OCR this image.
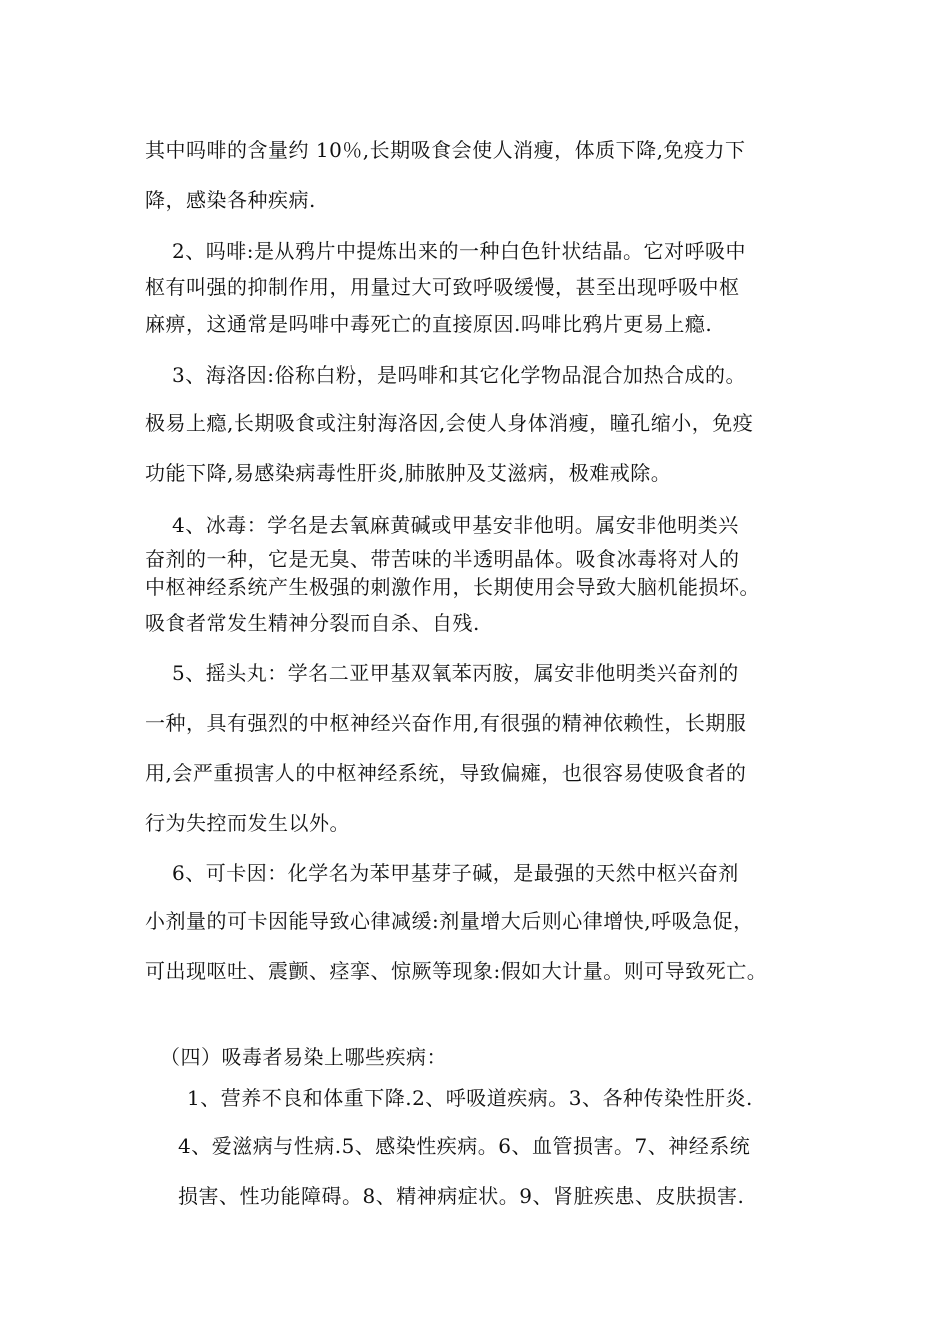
其中吗啡的含量约 10％,长期吸食会使人消瘦，体质下降,免疫力下
降，感染各种疾病.
2、吗啡:是从鸦片中提炼出来的一种白色针状结晶。它对呼吸中
枢有叫强的抑制作用，用量过大可致呼吸缓慢，甚至出现呼吸中枢
麻痹，这通常是吗啡中毒死亡的直接原因.吗啡比鸦片更易上瘾.
3、海洛因:俗称白粉，是吗啡和其它化学物品混合加热合成的。
极易上瘾,长期吸食或注射海洛因,会使人身体消瘦，瞳孔缩小，免疫
功能下降,易感染病毒性肝炎,肺脓肿及艾滋病，极难戒除。
4、冰毒：学名是去氧麻黄碱或甲基安非他明。属安非他明类兴
奋剂的一种，它是无臭、带苦味的半透明晶体。吸食冰毒将对人的
中枢神经系统产生极强的刺激作用，长期使用会导致大脑机能损坏。
吸食者常发生精神分裂而自杀、自残.
5、摇头丸：学名二亚甲基双氧苯丙胺，属安非他明类兴奋剂的
一种，具有强烈的中枢神经兴奋作用,有很强的精神依赖性，长期服
用,会严重损害人的中枢神经系统，导致偏瘫，也很容易使吸食者的
行为失控而发生以外。
6、可卡因：化学名为苯甲基芽子碱，是最强的天然中枢兴奋剂
小剂量的可卡因能导致心律减缓:剂量增大后则心律增快,呼吸急促，
可出现呕吐、震颤、痉挛、惊厥等现象:假如大计量。则可导致死亡。
（四）吸毒者易染上哪些疾病：
1、营养不良和体重下降.2、呼吸道疾病。3、各种传染性肝炎.
4、爱滋病与性病.5、感染性疾病。6、血管损害。7、神经系统
损害、性功能障碍。8、精神病症状。9、肾脏疾患、皮肤损害.
